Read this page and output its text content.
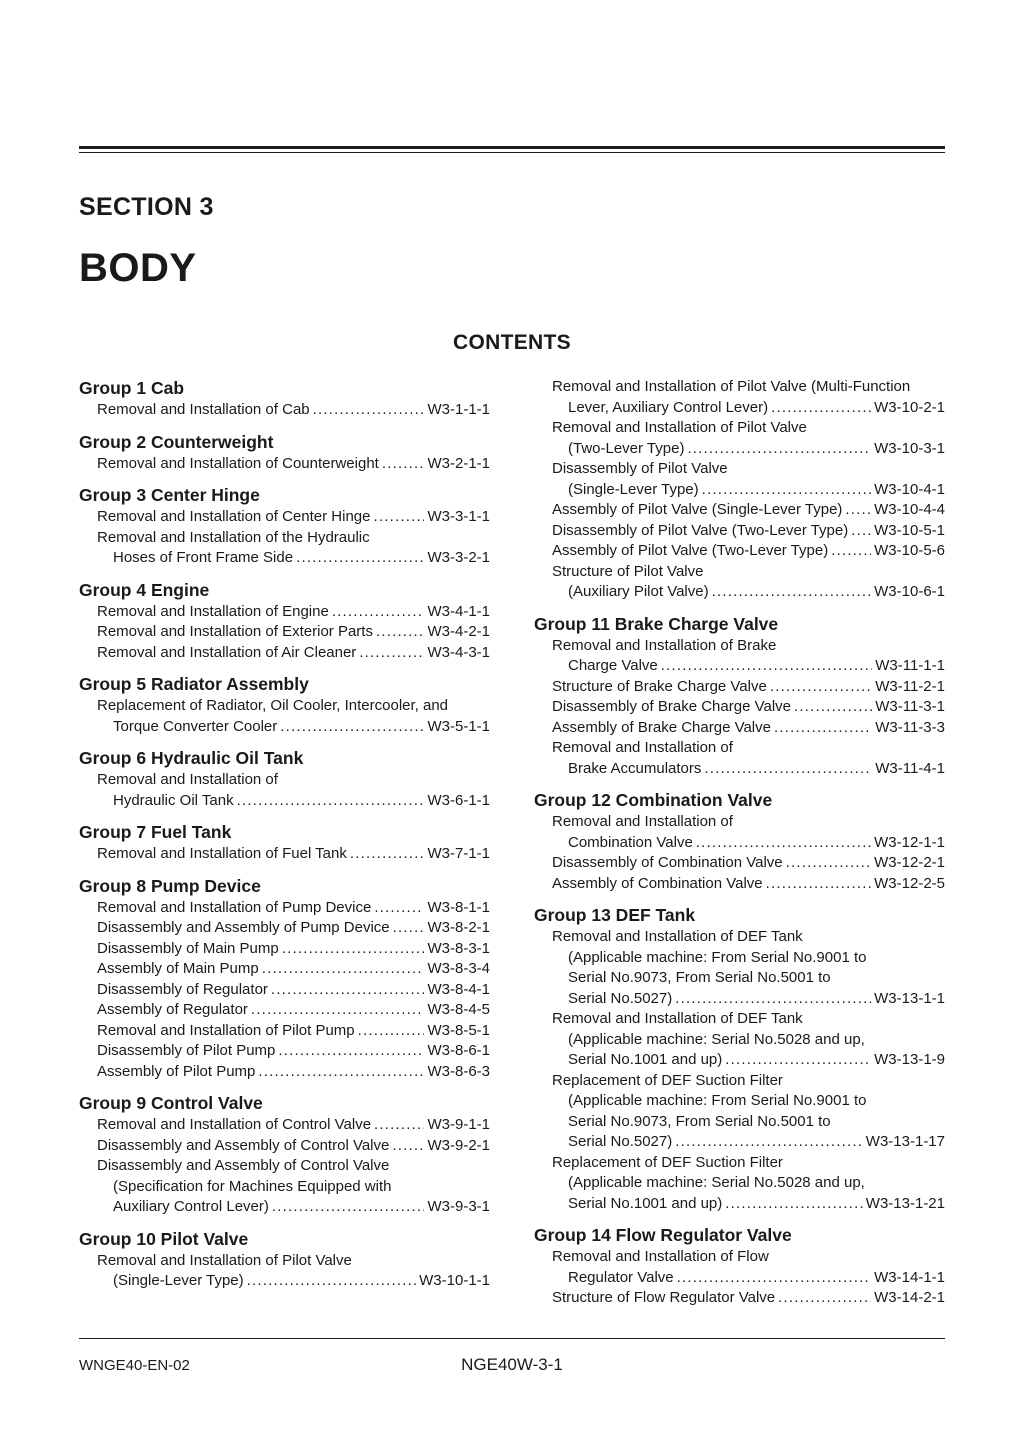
SECTION 3
BODY
CONTENTS
Group 1 Cab
Removal and Installation of Cab .....	W3-1-1-1
Group 2 Counterweight
Removal and Installation of Counterweight .....	W3-2-1-1
Group 3 Center Hinge
Removal and Installation of Center Hinge .....	W3-3-1-1
Removal and Installation of the Hydraulic
Hoses of Front Frame Side .....	W3-3-2-1
Group 4 Engine
Removal and Installation of Engine .....	W3-4-1-1
Removal and Installation of Exterior Parts .....	W3-4-2-1
Removal and Installation of Air Cleaner .....	W3-4-3-1
Group 5 Radiator Assembly
Replacement of Radiator, Oil Cooler, Intercooler, and
Torque Converter Cooler .....	W3-5-1-1
Group 6 Hydraulic Oil Tank
Removal and Installation of
Hydraulic Oil Tank .....	W3-6-1-1
Group 7 Fuel Tank
Removal and Installation of Fuel Tank .....	W3-7-1-1
Group 8 Pump Device
Removal and Installation of Pump Device .....	W3-8-1-1
Disassembly and Assembly of Pump Device .....	W3-8-2-1
Disassembly of Main Pump .....	W3-8-3-1
Assembly of Main Pump .....	W3-8-3-4
Disassembly of Regulator .....	W3-8-4-1
Assembly of Regulator .....	W3-8-4-5
Removal and Installation of Pilot Pump .....	W3-8-5-1
Disassembly of Pilot Pump .....	W3-8-6-1
Assembly of Pilot Pump .....	W3-8-6-3
Group 9 Control Valve
Removal and Installation of Control Valve .....	W3-9-1-1
Disassembly and Assembly of Control Valve .....	W3-9-2-1
Disassembly and Assembly of Control Valve
(Specification for Machines Equipped with
Auxiliary Control Lever) .....	W3-9-3-1
Group 10 Pilot Valve
Removal and Installation of Pilot Valve
(Single-Lever Type) .....	W3-10-1-1
Removal and Installation of Pilot Valve (Multi-Function
Lever, Auxiliary Control Lever) .....	W3-10-2-1
Removal and Installation of Pilot Valve
(Two-Lever Type) .....	W3-10-3-1
Disassembly of Pilot Valve
(Single-Lever Type) .....	W3-10-4-1
Assembly of Pilot Valve (Single-Lever Type) ..... W3-10-4-4
Disassembly of Pilot Valve (Two-Lever Type) ..... W3-10-5-1
Assembly of Pilot Valve (Two-Lever Type) .....	W3-10-5-6
Structure of Pilot Valve
(Auxiliary Pilot Valve) .....	W3-10-6-1
Group 11 Brake Charge Valve
Removal and Installation of Brake
Charge Valve .....	W3-11-1-1
Structure of Brake Charge Valve .....	W3-11-2-1
Disassembly of Brake Charge Valve .....	W3-11-3-1
Assembly of Brake Charge Valve .....	W3-11-3-3
Removal and Installation of
Brake Accumulators .....	W3-11-4-1
Group 12 Combination Valve
Removal and Installation of
Combination Valve .....	W3-12-1-1
Disassembly of Combination Valve .....	W3-12-2-1
Assembly of Combination Valve .....	W3-12-2-5
Group 13 DEF Tank
Removal and Installation of DEF Tank
(Applicable machine: From Serial No.9001 to
Serial No.9073, From Serial No.5001 to
Serial No.5027) .....	W3-13-1-1
Removal and Installation of DEF Tank
(Applicable machine: Serial No.5028 and up,
Serial No.1001 and up) .....	W3-13-1-9
Replacement of DEF Suction Filter
(Applicable machine: From Serial No.9001 to
Serial No.9073, From Serial No.5001 to
Serial No.5027) .....	W3-13-1-17
Replacement of DEF Suction Filter
(Applicable machine: Serial No.5028 and up,
Serial No.1001 and up) .....	W3-13-1-21
Group 14 Flow Regulator Valve
Removal and Installation of Flow
Regulator Valve .....	W3-14-1-1
Structure of Flow Regulator Valve .....	W3-14-2-1
WNGE40-EN-02	NGE40W-3-1
